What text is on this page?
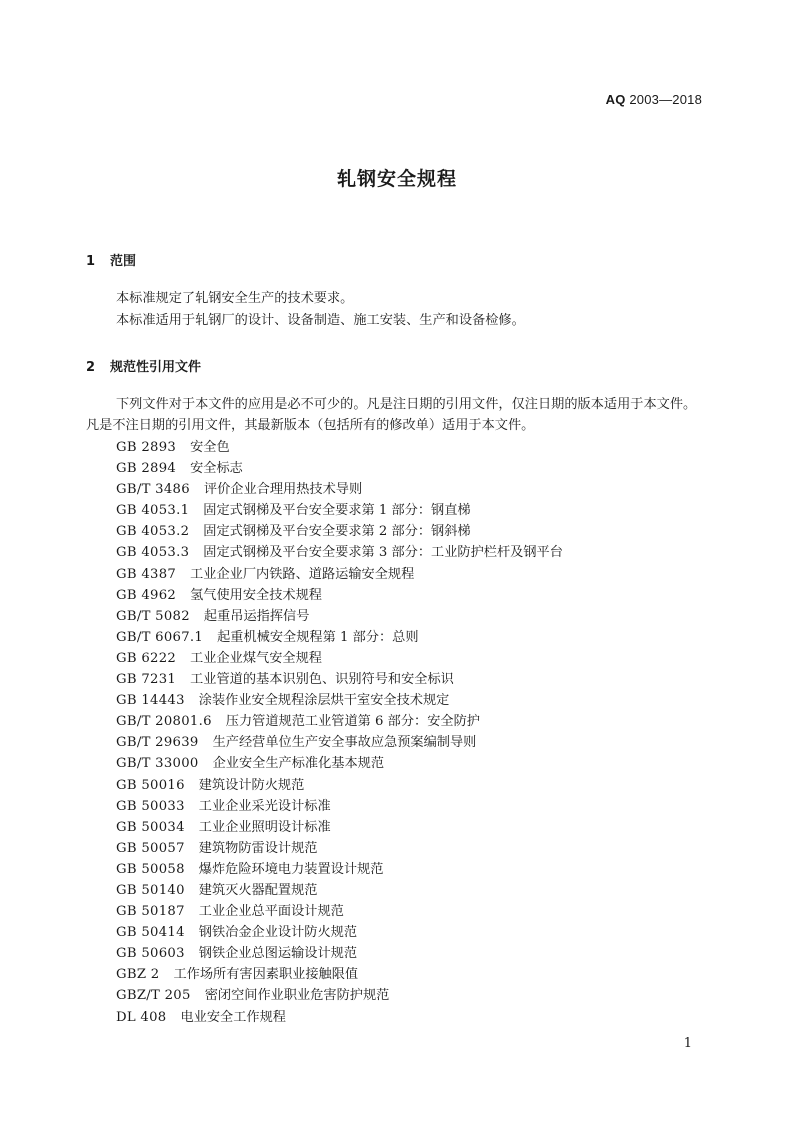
AQ 2003—2018
轧钢安全规程
1 范围
本标准规定了轧钢安全生产的技术要求。
本标准适用于轧钢厂的设计、设备制造、施工安装、生产和设备检修。
2 规范性引用文件
下列文件对于本文件的应用是必不可少的。凡是注日期的引用文件，仅注日期的版本适用于本文件。凡是不注日期的引用文件，其最新版本（包括所有的修改单）适用于本文件。
GB 2893 安全色
GB 2894 安全标志
GB/T 3486 评价企业合理用热技术导则
GB 4053.1 固定式钢梯及平台安全要求第 1 部分：钢直梯
GB 4053.2 固定式钢梯及平台安全要求第 2 部分：钢斜梯
GB 4053.3 固定式钢梯及平台安全要求第 3 部分：工业防护栏杆及钢平台
GB 4387 工业企业厂内铁路、道路运输安全规程
GB 4962 氢气使用安全技术规程
GB/T 5082 起重吊运指挥信号
GB/T 6067.1 起重机械安全规程第 1 部分：总则
GB 6222 工业企业煤气安全规程
GB 7231 工业管道的基本识别色、识别符号和安全标识
GB 14443 涂装作业安全规程涂层烘干室安全技术规定
GB/T 20801.6 压力管道规范工业管道第 6 部分：安全防护
GB/T 29639 生产经营单位生产安全事故应急预案编制导则
GB/T 33000 企业安全生产标准化基本规范
GB 50016 建筑设计防火规范
GB 50033 工业企业采光设计标准
GB 50034 工业企业照明设计标准
GB 50057 建筑物防雷设计规范
GB 50058 爆炸危险环境电力装置设计规范
GB 50140 建筑灭火器配置规范
GB 50187 工业企业总平面设计规范
GB 50414 钢铁冶金企业设计防火规范
GB 50603 钢铁企业总图运输设计规范
GBZ 2 工作场所有害因素职业接触限值
GBZ/T 205 密闭空间作业职业危害防护规范
DL 408 电业安全工作规程
1
